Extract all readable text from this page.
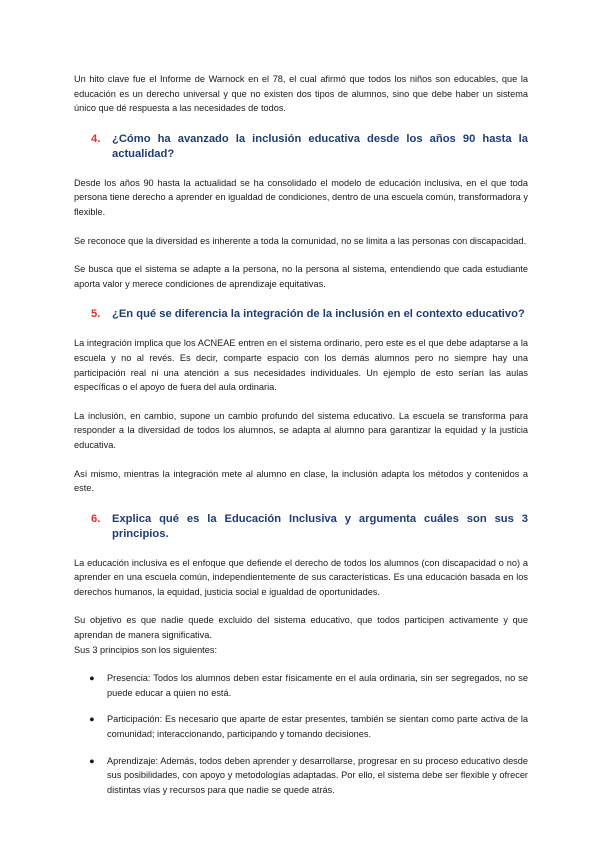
Un hito clave fue el Informe de Warnock en el 78, el cual afirmó que todos los niños son educables, que la educación es un derecho universal y que no existen dos tipos de alumnos, sino que debe haber un sistema único que dé respuesta a las necesidades de todos.

4.	¿Cómo ha avanzado la inclusión educativa desde los años 90 hasta la actualidad?

Desde los años 90 hasta la actualidad se ha consolidado el modelo de educación inclusiva, en el que toda persona tiene derecho a aprender en igualdad de condiciones, dentro de una escuela común, transformadora y flexible.

Se reconoce que la diversidad es inherente a toda la comunidad, no se limita a las personas con discapacidad.

Se busca que el sistema se adapte a la persona, no la persona al sistema, entendiendo que cada estudiante aporta valor y merece condiciones de aprendizaje equitativas.

5.	¿En qué se diferencia la integración de la inclusión en el contexto educativo?

La integración implica que los ACNEAE entren en el sistema ordinario, pero este es el que debe adaptarse a la escuela y no al revés. Es decir, comparte espacio con los demás alumnos pero no siempre hay una participación real ni una atención a sus necesidades individuales. Un ejemplo de esto serían las aulas específicas o el apoyo de fuera del aula ordinaria.

La inclusión, en cambio, supone un cambio profundo del sistema educativo. La escuela se transforma para responder a la diversidad de todos los alumnos, se adapta al alumno para garantizar la equidad y la justicia educativa.

Así mismo, mientras la integración mete al alumno en clase, la inclusión adapta los métodos y contenidos a este.

6.	Explica qué es la Educación Inclusiva y argumenta cuáles son sus 3 principios.

La educación inclusiva es el enfoque que defiende el derecho de todos los alumnos (con discapacidad o no) a aprender en una escuela común, independientemente de sus características. Es una educación basada en los derechos humanos, la equidad, justicia social e igualdad de oportunidades.

Su objetivo es que nadie quede excluido del sistema educativo, que todos participen activamente y que aprendan de manera significativa.

Sus 3 principios son los siguientes:

● Presencia: Todos los alumnos deben estar físicamente en el aula ordinaria, sin ser segregados, no se puede educar a quien no está.
● Participación: Es necesario que aparte de estar presentes, también se sientan como parte activa de la comunidad; interaccionando, participando y tomando decisiones.
● Aprendizaje: Además, todos deben aprender y desarrollarse, progresar en su proceso educativo desde sus posibilidades, con apoyo y metodologías adaptadas. Por ello, el sistema debe ser flexible y ofrecer distintas vías y recursos para que nadie se quede atrás.
